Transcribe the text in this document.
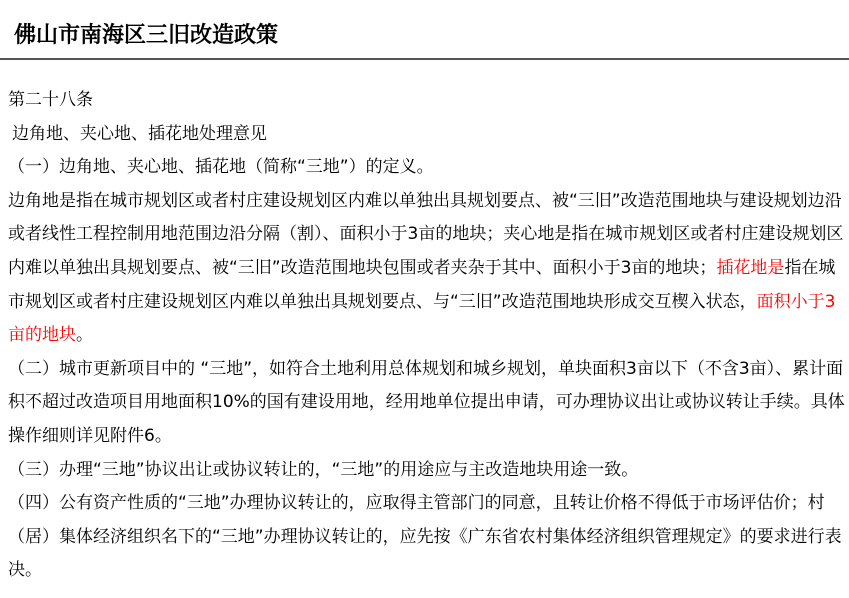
佛山市南海区三旧改造政策

第二十八条

边角地、夹心地、插花地处理意见

（一）边角地、夹心地、插花地（简称“三地”）的定义。

边角地是指在城市规划区或者村庄建设规划区内难以单独出具规划要点、被“三旧”改造范围地块与建设规划边沿或者线性工程控制用地范围边沿分隔（割）、面积小于3亩的地块；夹心地是指在城市规划区或者村庄建设规划区内难以单独出具规划要点、被“三旧”改造范围地块包围或者夹杂于其中、面积小于3亩的地块；插花地是指在城市规划区或者村庄建设规划区内难以单独出具规划要点、与“三旧”改造范围地块形成交互楔入状态，面积小于3亩的地块。

（二）城市更新项目中的 “三地”，如符合土地利用总体规划和城乡规划，单块面积3亩以下（不含3亩）、累计面积不超过改造项目用地面积10%的国有建设用地，经用地单位提出申请，可办理协议出让或协议转让手续。具体操作细则详见附件6。

（三）办理“三地”协议出让或协议转让的，“三地”的用途应与主改造地块用途一致。

（四）公有资产性质的“三地”办理协议转让的，应取得主管部门的同意，且转让价格不得低于市场评估价；村（居）集体经济组织名下的“三地”办理协议转让的，应先按《广东省农村集体经济组织管理规定》的要求进行表决。
